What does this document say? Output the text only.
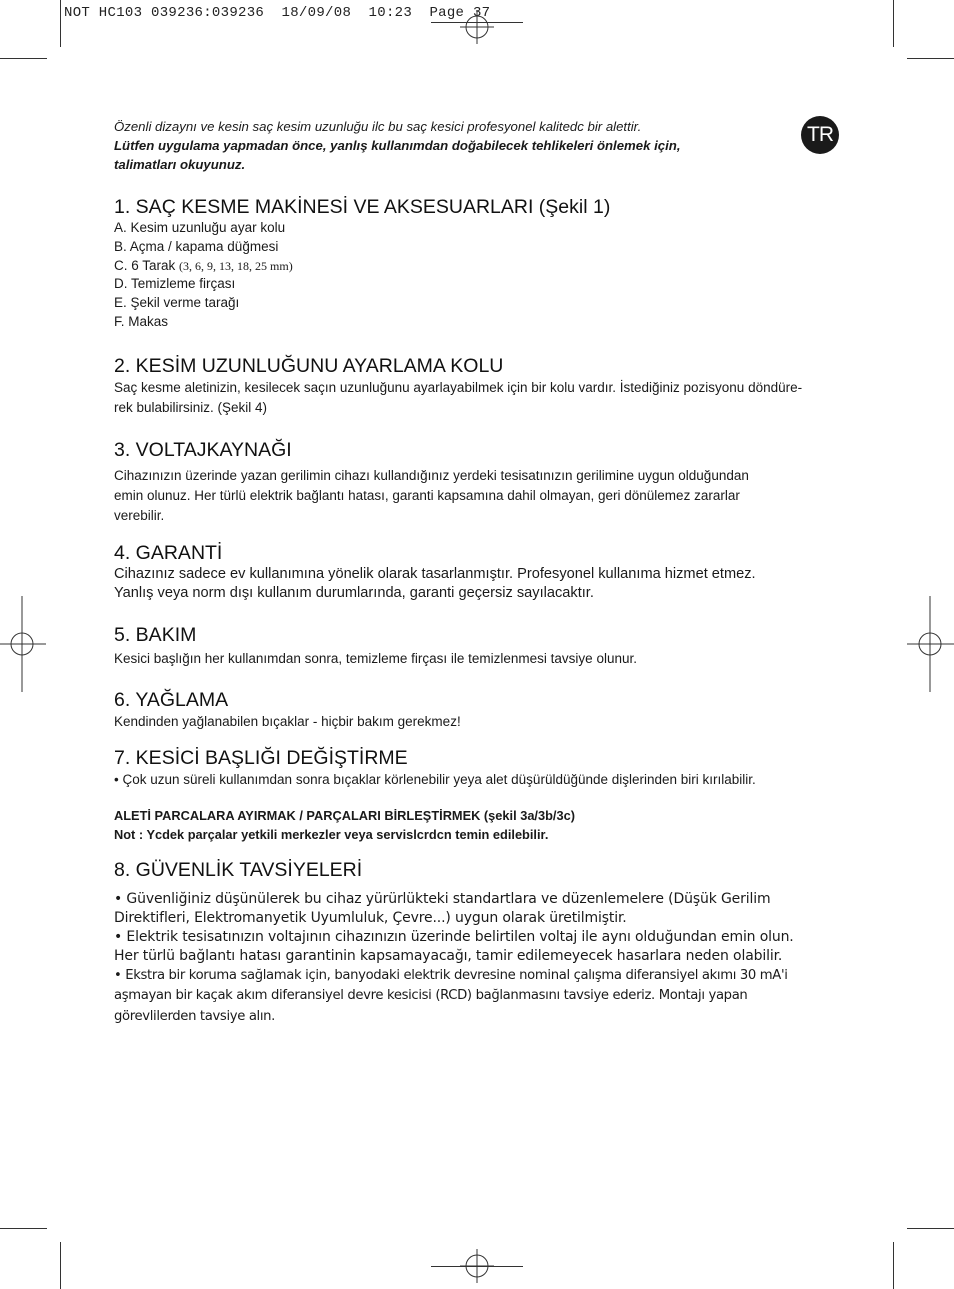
NOT HC103 039236:039236  18/09/08  10:23  Page 37
TR

Özenli dizaynı ve kesin saç kesim uzunluğu ilc bu saç kesici profesyonel kalitedc bir alettir.

Lütfen uygulama yapmadan önce, yanlış kullanımdan doğabilecek tehlikeleri önlemek için,

talimatları okuyunuz.

1. SAÇ KESME MAKİNESİ VE AKSESUARLARI (Şekil 1)
A. Kesim uzunluğu ayar kolu
B. Açma / kapama düğmesi
C. 6 Tarak (3, 6, 9, 13, 18, 25 mm)
D. Temizleme firçası
E. Şekil verme tarağı
F. Makas
2. KESİM UZUNLUĞUNU AYARLAMA KOLU

Saç kesme aletinizin, kesilecek saçın uzunluğunu ayarlayabilmek için bir kolu vardır. İstediğiniz pozisyonu döndüre-

rek bulabilirsiniz. (Şekil 4)

3. VOLTAJKAYNAĞI

Cihazınızın üzerinde yazan gerilimin cihazı kullandığınız yerdeki tesisatınızın gerilimine uygun olduğundan

emin olunuz. Her türlü elektrik bağlantı hatası, garanti kapsamına dahil olmayan, geri dönülemez zararlar

verebilir.

4. GARANTİ

Cihazınız sadece ev kullanımına yönelik olarak tasarlanmıştır. Profesyonel kullanıma hizmet etmez.

Yanlış veya norm dışı kullanım durumlarında, garanti geçersiz sayılacaktır.

5. BAKIM

Kesici başlığın her kullanımdan sonra, temizleme firçası ile temizlenmesi tavsiye olunur.

6. YAĞLAMA

Kendinden yağlanabilen bıçaklar - hiçbir bakım gerekmez!

7. KESİCİ BAŞLIĞI DEĞİŞTİRME

• Çok uzun süreli kullanımdan sonra bıçaklar körlenebilir yeya alet düşürüldüğünde dişlerinden biri kırılabilir.

ALETİ PARCALARA AYIRMAK / PARÇALARI BİRLEŞTİRMEK (şekil 3a/3b/3c)

Not : Ycdek parçalar yetkili merkezler veya servislcrdcn temin edilebilir.

8. GÜVENLİK TAVSİYELERİ

• Güvenliğiniz düşünülerek bu cihaz yürürlükteki standartlara ve düzenlemelere (Düşük Gerilim

Direktifleri, Elektromanyetik Uyumluluk, Çevre...) uygun olarak üretilmiştir.

• Elektrik tesisatınızın voltajının cihazınızın üzerinde belirtilen voltaj ile aynı olduğundan emin olun.

Her türlü bağlantı hatası garantinin kapsamayacağı, tamir edilemeyecek hasarlara neden olabilir.

• Ekstra bir koruma sağlamak için, banyodaki elektrik devresine nominal çalışma diferansiyel akımı 30 mA'i

aşmayan bir kaçak akım diferansiyel devre kesicisi (RCD) bağlanmasını tavsiye ederiz. Montajı yapan

görevlilerden tavsiye alın.
